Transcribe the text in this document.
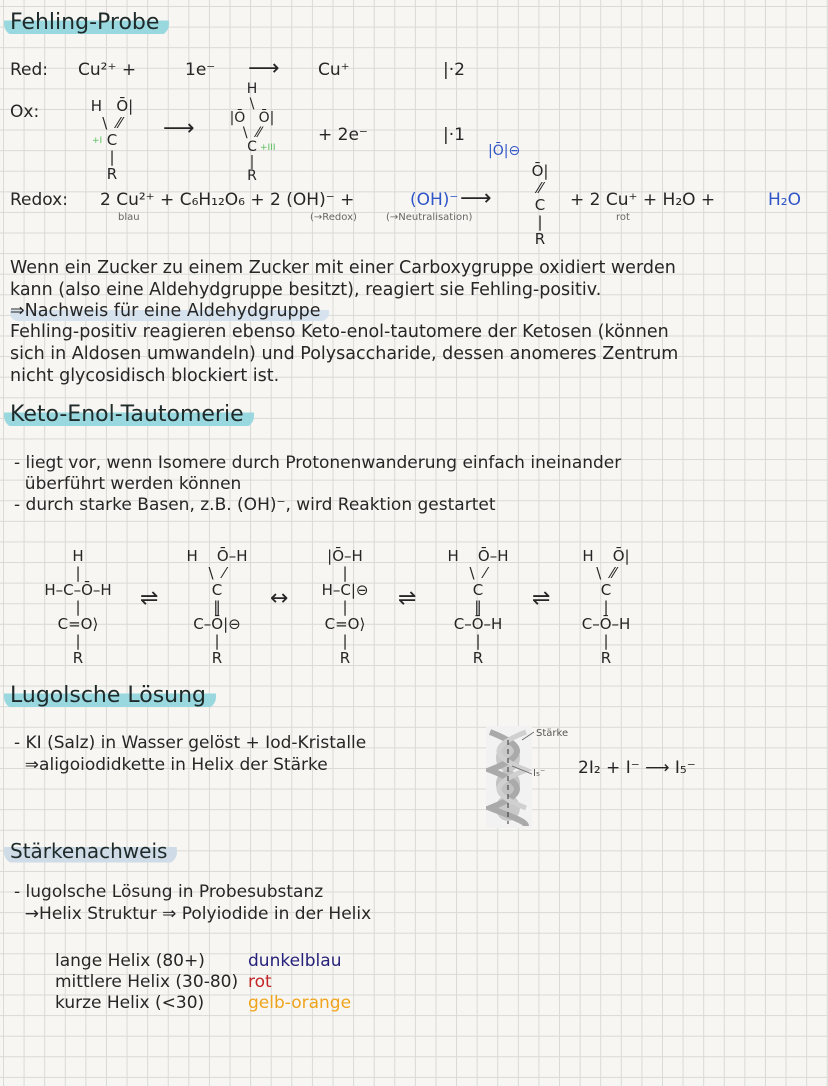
Fehling-Probe
Red: Cu²⁺ +	1e⁻ ⟶ Cu⁺	|·2
Ox:	H   Ō|
\  ⁄⁄
C
|
R
+I	⟶
H
\
|Ō   Ō|
\  ⁄⁄
C
|
R
+III
+ 2e⁻	|·1
Redox: 2 Cu²⁺ + C₆H₁₂O₆ + 2 (OH)⁻ +	(OH)⁻ ⟶
blau	(→Redox)	(→Neutralisation)
|Ō|⊖
Ō|
⁄⁄
C
|
R
+ 2 Cu⁺ + H₂O +	H₂O
rot
Wenn ein Zucker zu einem Zucker mit einer Carboxygruppe oxidiert werden
kann (also eine Aldehydgruppe besitzt), reagiert sie Fehling-positiv.
⇒Nachweis für eine Aldehydgruppe
Fehling-positiv reagieren ebenso Keto-enol-tautomere der Ketosen (können
sich in Aldosen umwandeln) und Polysaccharide, dessen anomeres Zentrum
nicht glycosidisch blockiert ist.
Keto-Enol-Tautomerie
- liegt vor, wenn Isomere durch Protonenwanderung einfach ineinander
überführt werden können
- durch starke Basen, z.B. (OH)⁻, wird Reaktion gestartet
H
|
H–C–Ō–H
|
C=O⟩
|
R
⇌
H    Ō–H
\  ⁄
C
‖
C–Ō|⊖
|
R
↔
|Ō–H
|
H–C|⊖
|
C=O⟩
|
R
⇌
H    Ō–H
\  ⁄
C
‖
C–Ō–H
|
R
⇌
H    Ō|
\  ⁄⁄
C
|
C–Ō–H
|
R
Lugolsche Lösung
- KI (Salz) in Wasser gelöst + Iod-Kristalle
⇒aligoiodidkette in Helix der Stärke
Stärke
I₅⁻ 2I₂ + I⁻ ⟶ I₅⁻
Stärkenachweis
- lugolsche Lösung in Probesubstanz
→Helix Struktur ⇒ Polyiodide in der Helix
lange Helix (80+)	dunkelblau
mittlere Helix (30-80) rot
kurze Helix (<30)	gelb-orange
